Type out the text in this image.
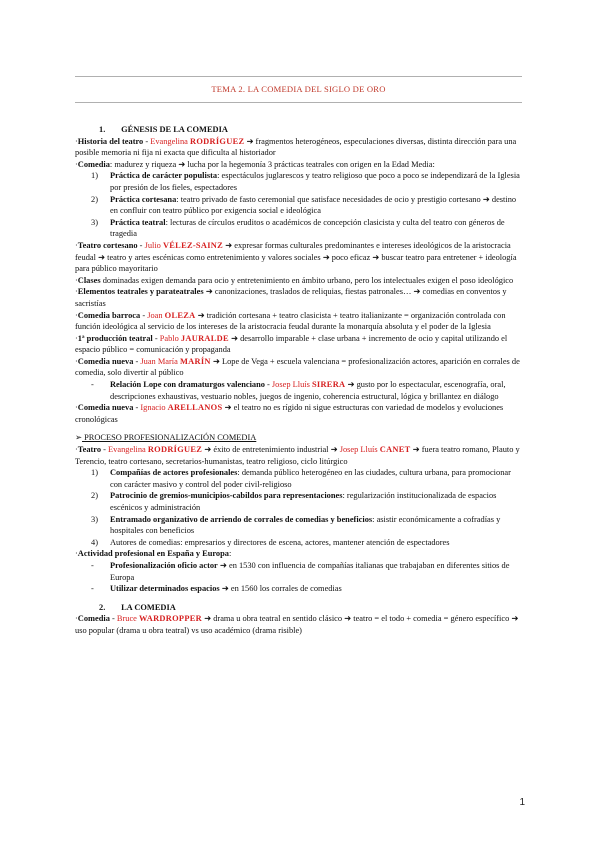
TEMA 2. LA COMEDIA DEL SIGLO DE ORO

1. GÉNESIS DE LA COMEDIA

·Historia del teatro - Evangelina RODRÍGUEZ ➜ fragmentos heterogéneos, especulaciones diversas, distinta dirección para una posible memoria ni fija ni exacta que dificulta al historiador

·Comedia: madurez y riqueza ➜ lucha por la hegemonía 3 prácticas teatrales con origen en la Edad Media:

1) Práctica de carácter populista: espectáculos juglarescos y teatro religioso que poco a poco se independizará de la Iglesia por presión de los fieles, espectadores
2) Práctica cortesana: teatro privado de fasto ceremonial que satisface necesidades de ocio y prestigio cortesano ➜ destino en confluir con teatro público por exigencia social e ideológica
3) Práctica teatral: lecturas de círculos eruditos o académicos de concepción clasicista y culta del teatro con géneros de tragedia

·Teatro cortesano - Julio VÉLEZ-SAINZ ➜ expresar formas culturales predominantes e intereses ideológicos de la aristocracia feudal ➜ teatro y artes escénicas como entretenimiento y valores sociales ➜ poco eficaz ➜ buscar teatro para entretener + ideología para público mayoritario

·Clases dominadas exigen demanda para ocio y entretenimiento en ámbito urbano, pero los intelectuales exigen el poso ideológico

·Elementos teatrales y parateatrales ➜ canonizaciones, traslados de reliquias, fiestas patronales… ➜ comedias en conventos y sacristías

·Comedia barroca - Joan OLEZA ➜ tradición cortesana + teatro clasicista + teatro italianizante = organización controlada con función ideológica al servicio de los intereses de la aristocracia feudal durante la monarquía absoluta y el poder de la Iglesia

·1ª producción teatral - Pablo JAURALDE ➜ desarrollo imparable + clase urbana + incremento de ocio y capital utilizando el espacio público = comunicación y propaganda

·Comedia nueva - Juan María MARÍN ➜ Lope de Vega + escuela valenciana = profesionalización actores, aparición en corrales de comedia, solo divertir al público

- Relación Lope con dramaturgos valenciano - Josep Lluís SIRERA ➜ gusto por lo espectacular, escenografía, oral, descripciones exhaustivas, vestuario nobles, juegos de ingenio, coherencia estructural, lógica y brillantez en diálogo

·Comedia nueva - Ignacio ARELLANOS ➜ el teatro no es rígido ni sigue estructuras con variedad de modelos y evoluciones cronológicas

➢ PROCESO PROFESIONALIZACIÓN COMEDIA

·Teatro - Evangelina RODRÍGUEZ ➜ éxito de entretenimiento industrial ➜ Josep Lluís CANET ➜ fuera teatro romano, Plauto y Terencio, teatro cortesano, secretarios-humanistas, teatro religioso, ciclo litúrgico

1) Compañías de actores profesionales: demanda público heterogéneo en las ciudades, cultura urbana, para promocionar con carácter masivo y control del poder civil-religioso
2) Patrocinio de gremios-municipios-cabildos para representaciones: regularización institucionalizada de espacios escénicos y administración
3) Entramado organizativo de arriendo de corrales de comedias y beneficios: asistir económicamente a cofradías y hospitales con beneficios
4) Autores de comedias: empresarios y directores de escena, actores, mantener atención de espectadores

·Actividad profesional en España y Europa:

- Profesionalización oficio actor ➜ en 1530 con influencia de compañías italianas que trabajaban en diferentes sitios de Europa
- Utilizar determinados espacios ➜ en 1560 los corrales de comedias

2. LA COMEDIA

·Comedia - Bruce WARDROPPER ➜ drama u obra teatral en sentido clásico ➜ teatro = el todo + comedia = género específico ➜ uso popular (drama u obra teatral) vs uso académico (drama risible)

1
